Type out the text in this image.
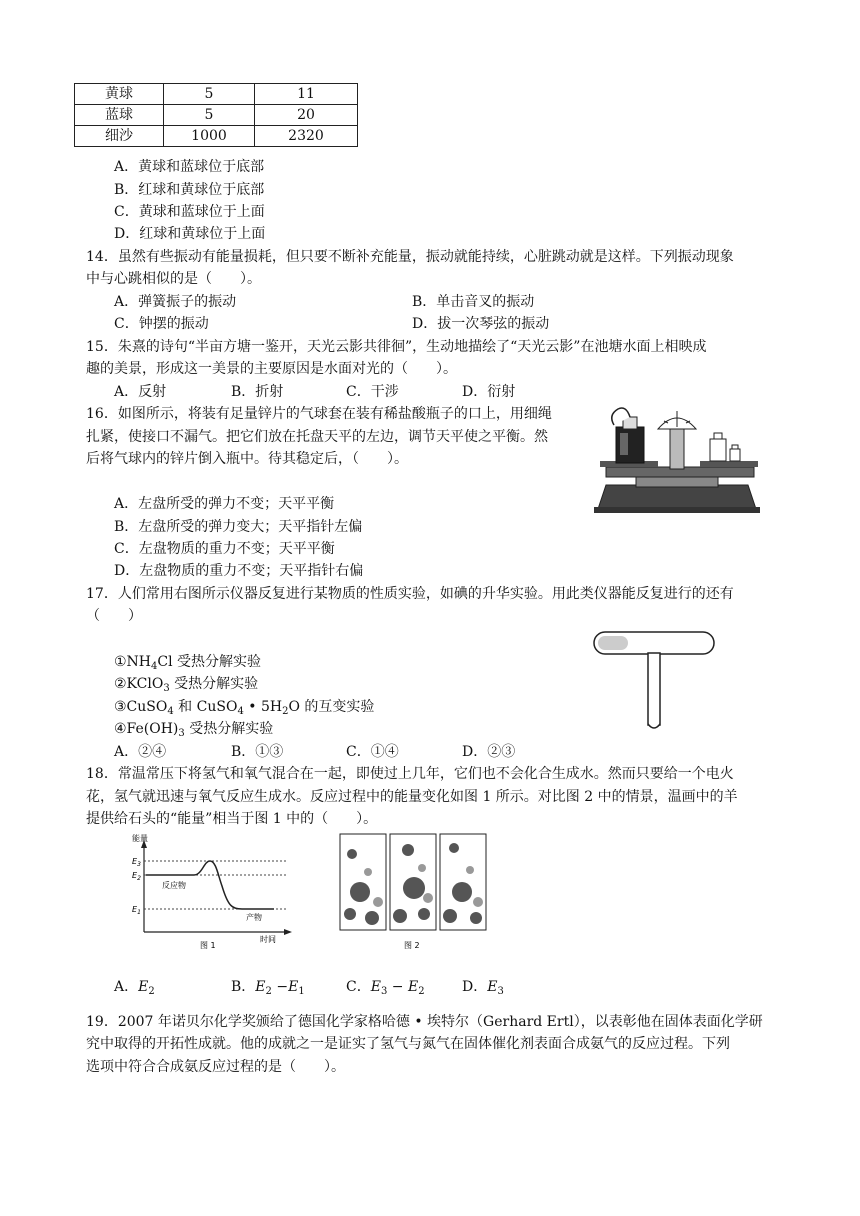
黄球	5	11
蓝球	5	20
细沙	1000	2320
A．黄球和蓝球位于底部
B．红球和黄球位于底部
C．黄球和蓝球位于上面
D．红球和黄球位于上面
14．虽然有些振动有能量损耗，但只要不断补充能量，振动就能持续，心脏跳动就是这样。下列振动现象
中与心跳相似的是（　　）。
A．弹簧振子的振动	B．单击音叉的振动
C．钟摆的振动	D．拔一次琴弦的振动
15．朱熹的诗句“半亩方塘一鉴开，天光云影共徘徊”，生动地描绘了“天光云影”在池塘水面上相映成
趣的美景，形成这一美景的主要原因是水面对光的（　　）。
A．反射	B．折射	C．干涉	D．衍射
16．如图所示，将装有足量锌片的气球套在装有稀盐酸瓶子的口上，用细绳
扎紧，使接口不漏气。把它们放在托盘天平的左边，调节天平使之平衡。然
后将气球内的锌片倒入瓶中。待其稳定后，（　　）。
A．左盘所受的弹力不变；天平平衡
B．左盘所受的弹力变大；天平指针左偏
C．左盘物质的重力不变；天平平衡
D．左盘物质的重力不变；天平指针右偏
17．人们常用右图所示仪器反复进行某物质的性质实验，如碘的升华实验。用此类仪器能反复进行的还有
（　　）
$①NH_4Cl$ 受热分解实验
②KClO$_3$ 受热分解实验
③CuSO$_4$ 和 CuSO$_4$ • $5H_2O$ 的互变实验
$④Fe(OH)_3$ 受热分解实验
A．②④	B．①③	C．①④	D．②③
18．常温常压下将氢气和氧气混合在一起，即使过上几年，它们也不会化合生成水。然而只要给一个电火
花，氢气就迅速与氧气反应生成水。反应过程中的能量变化如图 1 所示。对比图 2 中的情景，温画中的羊
提供给石头的“能量”相当于图 1 中的（　　）。
能量
$E_3$
$E_2$
$E_1$
反应物
产物
时间
图 1	图 2
A．$E_2$	B．$E_2 -E_1$	C．$E_3 - E_2$	D．$E_3$
19．2007 年诺贝尔化学奖颁给了德国化学家格哈德 • 埃特尔（Gerhard Ertl），以表彰他在固体表面化学研
究中取得的开拓性成就。他的成就之一是证实了氢气与氮气在固体催化剂表面合成氨气的反应过程。下列
选项中符合合成氨反应过程的是（　　）。
